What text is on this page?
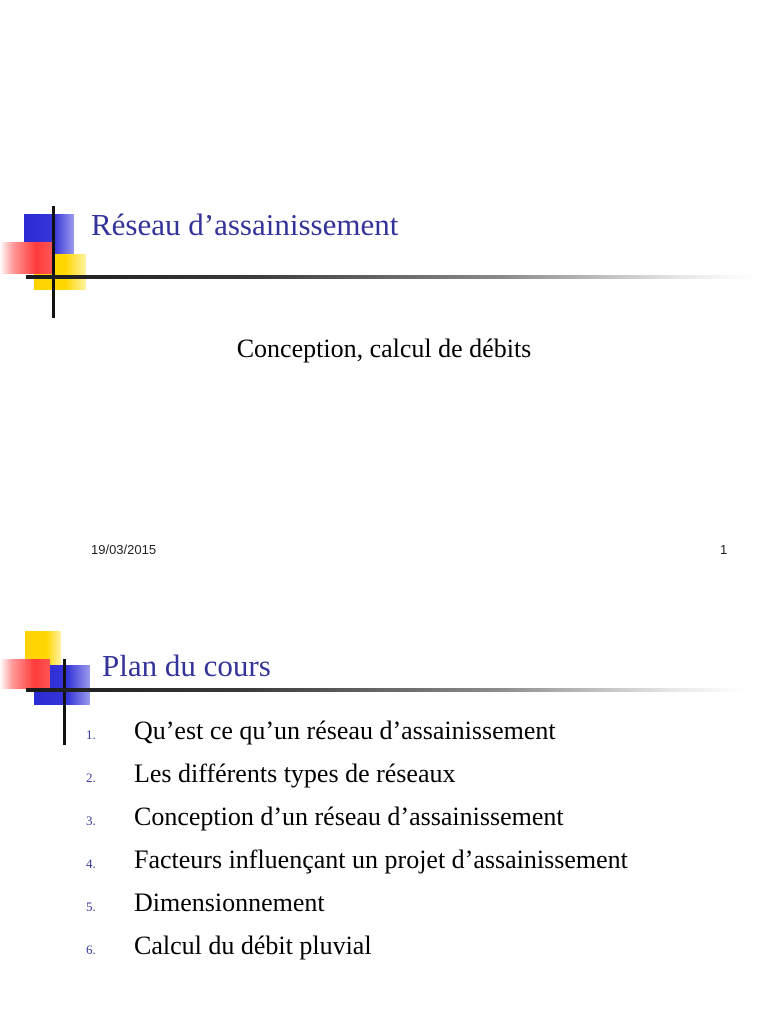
Réseau d’assainissement
Conception, calcul de débits
19/03/2015	1
Plan du cours
1.	Qu’est ce qu’un réseau d’assainissement
2.	Les différents types de réseaux
3.	Conception d’un réseau d’assainissement
4.	Facteurs influençant un projet d’assainissement
5.	Dimensionnement
6.	Calcul du débit pluvial
